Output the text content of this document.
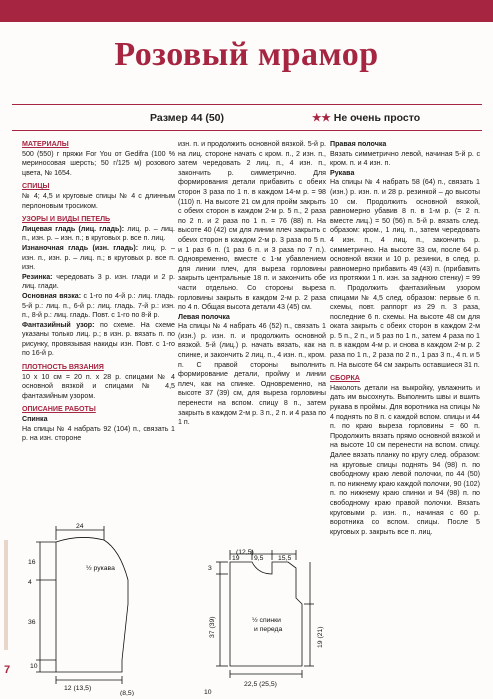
Розовый мрамор
Размер 44 (50)	★★ Не очень просто
МАТЕРИАЛЫ
500 (550) г пряжи For You от Gedifra (100 % мериносовая шерсть; 50 г/125 м) розового цвета, № 1654.
СПИЦЫ
№ 4; 4,5 и круговые спицы № 4 с длинным перлоновым тросиком.
УЗОРЫ И ВИДЫ ПЕТЕЛЬ
Лицевая гладь (лиц. гладь): лиц. р. – лиц. п., изн. р. – изн. п.; в круговых р. все п. лиц.
Изнаночная гладь (изн. гладь): лиц. р. – изн. п., изн. р. – лиц. п.; в круговых р. все п. изн.
Резинка: чередовать 3 р. изн. глади и 2 р. лиц. глади.
Основная вязка: с 1-го по 4-й р.: лиц. гладь. 5-й р.: лиц. п., 6-й р.: лиц. гладь. 7-й р.: изн. п., 8-й р.: лиц. гладь. Повт. с 1-го по 8-й р.
Фантазийный узор: по схеме. На схеме указаны только лиц. р.; в изн. р. вязать п. по рисунку, провязывая накиды изн. Повт. с 1-го по 16-й р.
ПЛОТНОСТЬ ВЯЗАНИЯ
10 x 10 см = 20 п. x 28 р. спицами № 4 основной вязкой и спицами № 4,5 фантазийным узором.
ОПИСАНИЕ РАБОТЫ
Спинка
На спицы № 4 набрать 92 (104) п., связать 1 р. на изн. стороне
изн. п. и продолжить основной вязкой. 5-й р. на лиц. стороне начать с кром. п., 2 изн. п., затем чередовать 2 лиц. п., 4 изн. п., закончить р. симметрично. Для формирования детали прибавить с обеих сторон 3 раза по 1 п. в каждом 14-м р. = 98 (110) п. На высоте 21 см для пройм закрыть с обеих сторон в каждом 2-м р. 5 п., 2 раза по 2 п. и 2 раза по 1 п. = 76 (88) п. На высоте 40 (42) см для линии плеч закрыть с обеих сторон в каждом 2-м р. 3 раза по 5 п. и 1 раз 6 п. (1 раз 6 п. и 3 раза по 7 п.). Одновременно, вместе с 1-м убавлением для линии плеч, для выреза горловины закрыть центральные 18 п. и закончить обе части отдельно. Со стороны выреза горловины закрыть в каждом 2-м р. 2 раза по 4 п. Общая высота детали 43 (45) см.
Левая полочка
На спицы № 4 набрать 46 (52) п., связать 1 (изн.) р. изн. п. и продолжить основной вязкой. 5-й (лиц.) р. начать вязать, как на спинке, и закончить 2 лиц. п., 4 изн. п., кром. п. С правой стороны выполнить формирование детали, пройму и линии плеч, как на спинке. Одновременно, на высоте 37 (39) см, для выреза горловины перенести на вспом. спицу 8 п., затем закрыть в каждом 2-м р. 3 п., 2 п. и 4 раза по 1 п.
Правая полочка
Вязать симметрично левой, начиная 5-й р. с кром. п. и 4 изн. п.
Рукава
На спицы № 4 набрать 58 (64) п., связать 1 (изн.) р. изн. п. и 28 р. резинкой – до высоты 10 см. Продолжить основной вязкой, равномерно убавив 8 п. в 1-м р. (= 2 п. вместе лиц.) = 50 (56) п. 5-й р. вязать след. образом: кром., 1 лиц. п., затем чередовать 4 изн. п., 4 лиц. п., закончить р. симметрично. На высоте 33 см, после 64 р. основной вязки и 10 р. резинки, в след. р. равномерно прибавить 49 (43) п. (прибавить из протяжки 1 п. изн. за заднюю стенку) = 99 п. Продолжить фантазийным узором спицами № 4,5 след. образом: первые 6 п. схемы, повт. раппорт из 29 п. 3 раза, последние 6 п. схемы. На высоте 48 см для оката закрыть с обеих сторон в каждом 2-м р. 5 п., 2 п., и 5 раз по 1 п., затем 4 раза по 1 п. в каждом 4-м р. и снова в каждом 2-м р. 2 раза по 1 п., 2 раза по 2 п., 1 раз 3 п., 4 п. и 5 п. На высоте 64 см закрыть оставшиеся 31 п.
СБОРКА
Наколоть детали на выкройку, увлажнить и дать им высохнуть. Выполнить швы и вшить рукава в проймы. Для воротника на спицы № 4 поднять по 8 п. с каждой вспом. спицы и 44 п. по краю выреза горловины = 60 п. Продолжить вязать прямо основной вязкой и на высоте 10 см перенести на вспом. спицу. Далее вязать планку по кругу след. образом: на круговые спицы поднять 94 (98) п. по свободному краю левой полочки, по 44 (50) п. по нижнему краю каждой полочки, 90 (102) п. по нижнему краю спинки и 94 (98) п. по свободному краю правой полочки. Вязать круговыми р. изн. п., начиная с 60 р. воротника со вспом. спицы. После 5 круговых р. закрыть все п. лиц.
24
16
4
36
10
½ рукава
12 (13,5)
(8,5)
(12,5)
19 9,5 15,5
3
37 (39)	19 (21)
½ спинки
и переда
22,5 (25,5)
10
7
